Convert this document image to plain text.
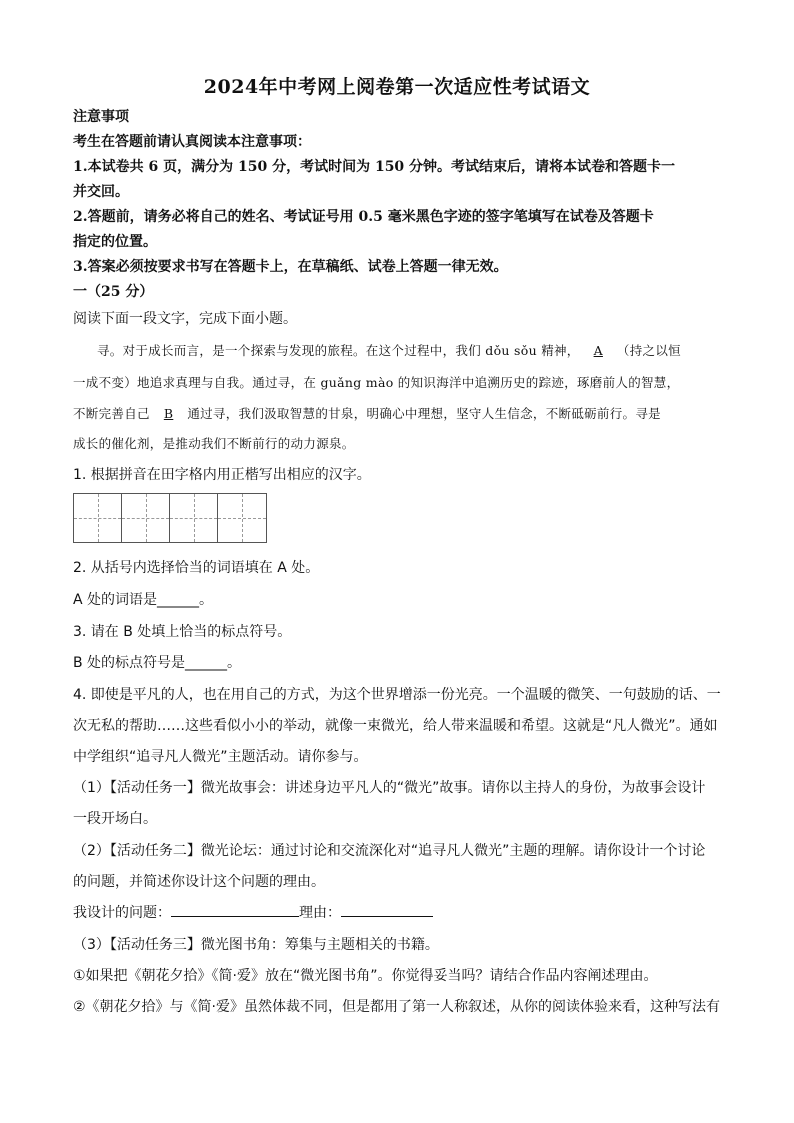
2024年中考网上阅卷第一次适应性考试语文
注意事项
考生在答题前请认真阅读本注意事项：
1.本试卷共 6 页，满分为 150 分，考试时间为 150 分钟。考试结束后，请将本试卷和答题卡一
并交回。
2.答题前，请务必将自己的姓名、考试证号用 0.5 毫米黑色字迹的签字笔填写在试卷及答题卡
指定的位置。
3.答案必须按要求书写在答题卡上，在草稿纸、试卷上答题一律无效。
一（25 分）
阅读下面一段文字，完成下面小题。
寻。对于成长而言，是一个探索与发现的旅程。在这个过程中，我们 dǒu sǒu 精神， A （持之以恒
一成不变）地追求真理与自我。通过寻，在 guǎng mào 的知识海洋中追溯历史的踪迹，琢磨前人的智慧，
不断完善自己 B 通过寻，我们汲取智慧的甘泉，明确心中理想，坚守人生信念，不断砥砺前行。寻是
成长的催化剂，是推动我们不断前行的动力源泉。
1. 根据拼音在田字格内用正楷写出相应的汉字。
2. 从括号内选择恰当的词语填在 A 处。
A 处的词语是______。
3. 请在 B 处填上恰当的标点符号。
B 处的标点符号是______。
4. 即使是平凡的人，也在用自己的方式，为这个世界增添一份光亮。一个温暖的微笑、一句鼓励的话、一
次无私的帮助……这些看似小小的举动，就像一束微光，给人带来温暖和希望。这就是“凡人微光”。通如
中学组织“追寻凡人微光”主题活动。请你参与。
（1）【活动任务一】微光故事会：讲述身边平凡人的“微光”故事。请你以主持人的身份，为故事会设计
一段开场白。
（2）【活动任务二】微光论坛：通过讨论和交流深化对“追寻凡人微光”主题的理解。请你设计一个讨论
的问题，并简述你设计这个问题的理由。
我设计的问题：	理由：
（3）【活动任务三】微光图书角：筹集与主题相关的书籍。
①如果把《朝花夕拾》《简·爱》放在“微光图书角”。你觉得妥当吗？请结合作品内容阐述理由。
②《朝花夕拾》与《简·爱》虽然体裁不同，但是都用了第一人称叙述，从你的阅读体验来看，这种写法有
